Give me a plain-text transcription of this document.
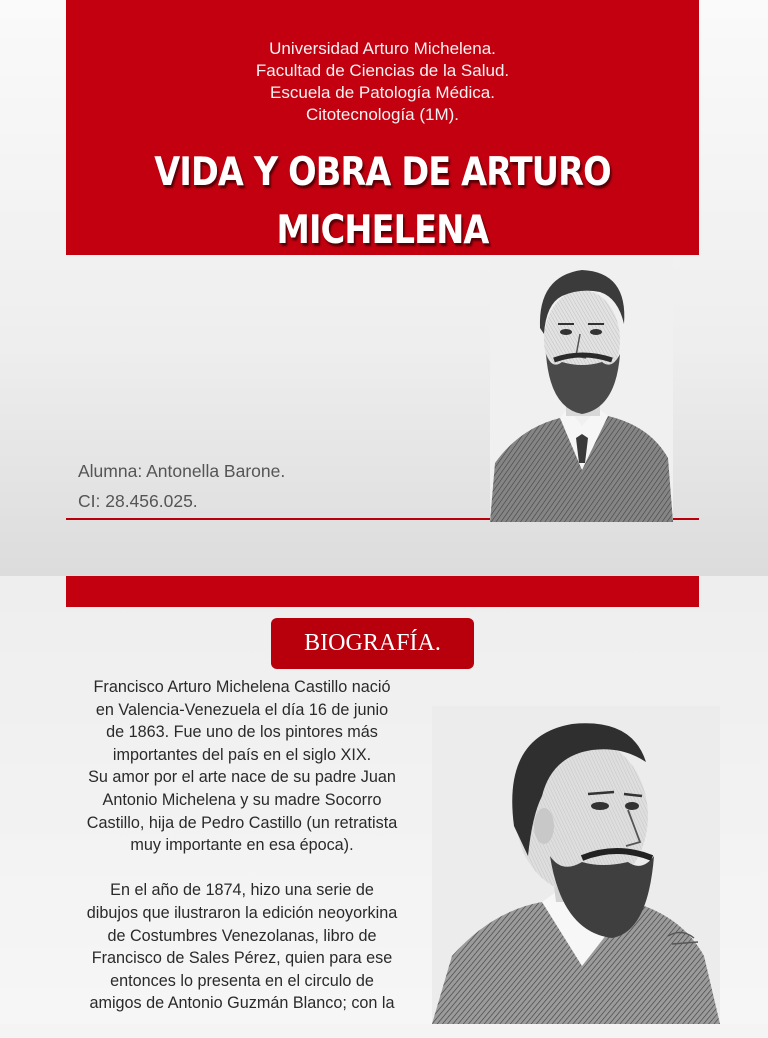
Universidad Arturo Michelena.
Facultad de Ciencias de la Salud.
Escuela de Patología Médica.
Citotecnología (1M).
VIDA Y OBRA DE ARTURO
MICHELENA
Alumna: Antonella Barone.
CI: 28.456.025.
BIOGRAFÍA.

Francisco Arturo Michelena Castillo nació
en Valencia-Venezuela el día 16 de junio
de 1863. Fue uno de los pintores más
importantes del país en el siglo XIX.
Su amor por el arte nace de su padre Juan
Antonio Michelena y su madre Socorro
Castillo, hija de Pedro Castillo (un retratista
muy importante en esa época).

En el año de 1874, hizo una serie de
dibujos que ilustraron la edición neoyorkina
de Costumbres Venezolanas, libro de
Francisco de Sales Pérez, quien para ese
entonces lo presenta en el circulo de
amigos de Antonio Guzmán Blanco; con la
